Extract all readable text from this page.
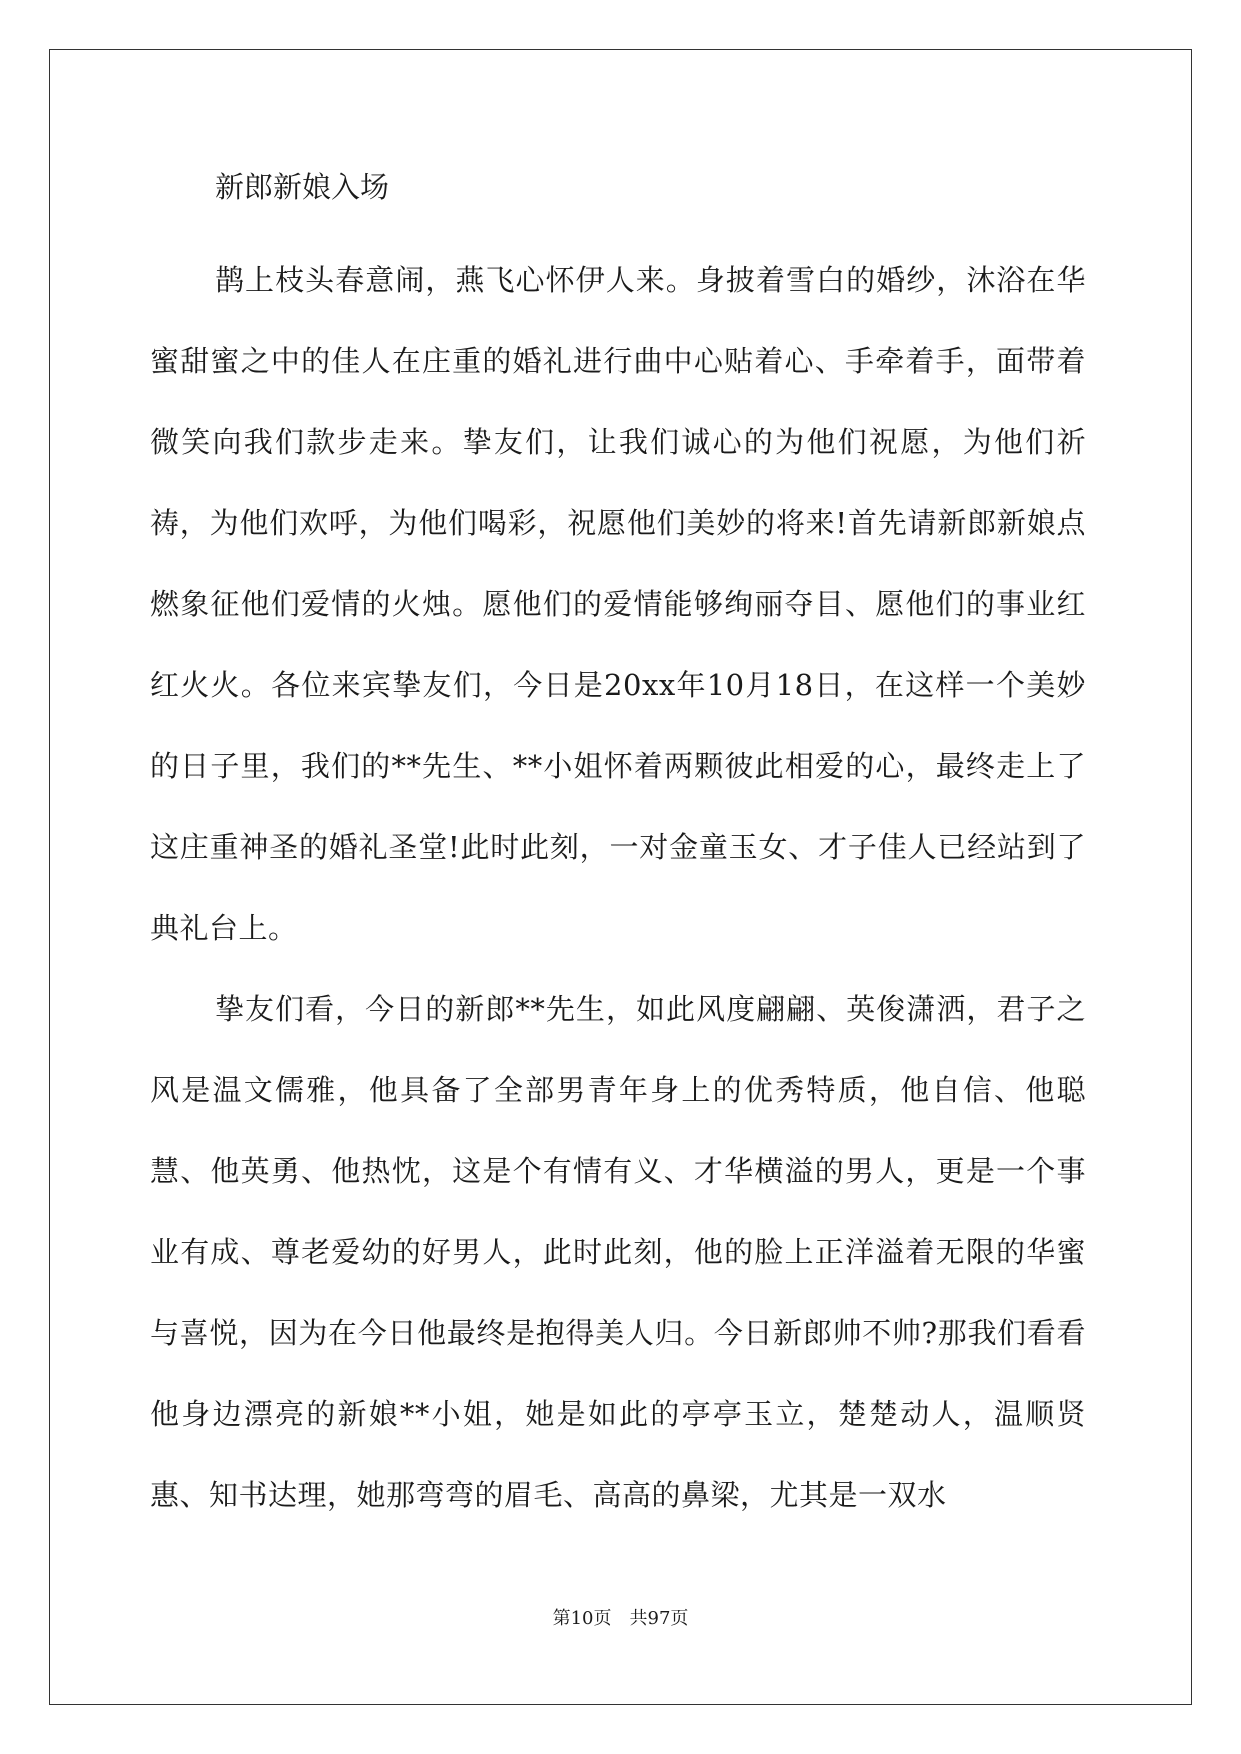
新郎新娘入场

鹊上枝头春意闹，燕飞心怀伊人来。身披着雪白的婚纱，沐浴在华蜜甜蜜之中的佳人在庄重的婚礼进行曲中心贴着心、手牵着手，面带着微笑向我们款步走来。挚友们，让我们诚心的为他们祝愿，为他们祈祷，为他们欢呼，为他们喝彩，祝愿他们美妙的将来!首先请新郎新娘点燃象征他们爱情的火烛。愿他们的爱情能够绚丽夺目、愿他们的事业红红火火。各位来宾挚友们，今日是20xx年10月18日，在这样一个美妙的日子里，我们的**先生、**小姐怀着两颗彼此相爱的心，最终走上了这庄重神圣的婚礼圣堂!此时此刻，一对金童玉女、才子佳人已经站到了典礼台上。

挚友们看，今日的新郎**先生，如此风度翩翩、英俊潇洒，君子之风是温文儒雅，他具备了全部男青年身上的优秀特质，他自信、他聪慧、他英勇、他热忱，这是个有情有义、才华横溢的男人，更是一个事业有成、尊老爱幼的好男人，此时此刻，他的脸上正洋溢着无限的华蜜与喜悦，因为在今日他最终是抱得美人归。今日新郎帅不帅?那我们看看他身边漂亮的新娘**小姐，她是如此的亭亭玉立，楚楚动人，温顺贤惠、知书达理，她那弯弯的眉毛、高高的鼻梁，尤其是一双水

第10页　共97页
